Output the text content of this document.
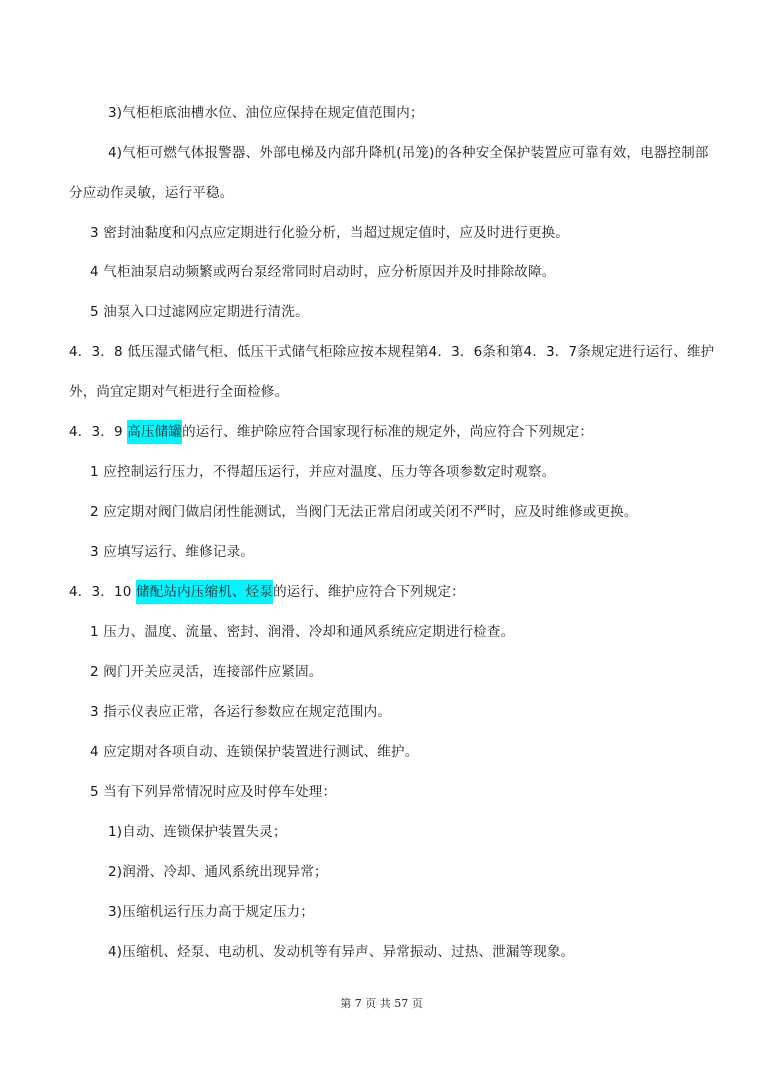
3)气柜柜底油槽水位、油位应保持在规定值范围内；

4)气柜可燃气体报警器、外部电梯及内部升降机(吊笼)的各种安全保护装置应可靠有效，电器控制部

分应动作灵敏，运行平稳。

3 密封油黏度和闪点应定期进行化验分析，当超过规定值时，应及时进行更换。

4 气柜油泵启动频繁或两台泵经常同时启动时，应分析原因并及时排除故障。

5 油泵入口过滤网应定期进行清洗。

4．3．8 低压湿式储气柜、低压干式储气柜除应按本规程第4．3．6条和第4．3．7条规定进行运行、维护

外，尚宜定期对气柜进行全面检修。

4．3．9 高压储罐的运行、维护除应符合国家现行标准的规定外，尚应符合下列规定：

1 应控制运行压力，不得超压运行，并应对温度、压力等各项参数定时观察。

2 应定期对阀门做启闭性能测试，当阀门无法正常启闭或关闭不严时，应及时维修或更换。

3 应填写运行、维修记录。

4．3．10 储配站内压缩机、烃泵的运行、维护应符合下列规定：

1 压力、温度、流量、密封、润滑、冷却和通风系统应定期进行检查。

2 阀门开关应灵活，连接部件应紧固。

3 指示仪表应正常，各运行参数应在规定范围内。

4 应定期对各项自动、连锁保护装置进行测试、维护。

5 当有下列异常情况时应及时停车处理：

1)自动、连锁保护装置失灵；

2)润滑、冷却、通风系统出现异常；

3)压缩机运行压力高于规定压力；

4)压缩机、烃泵、电动机、发动机等有异声、异常振动、过热、泄漏等现象。

第 7 页 共 57 页
